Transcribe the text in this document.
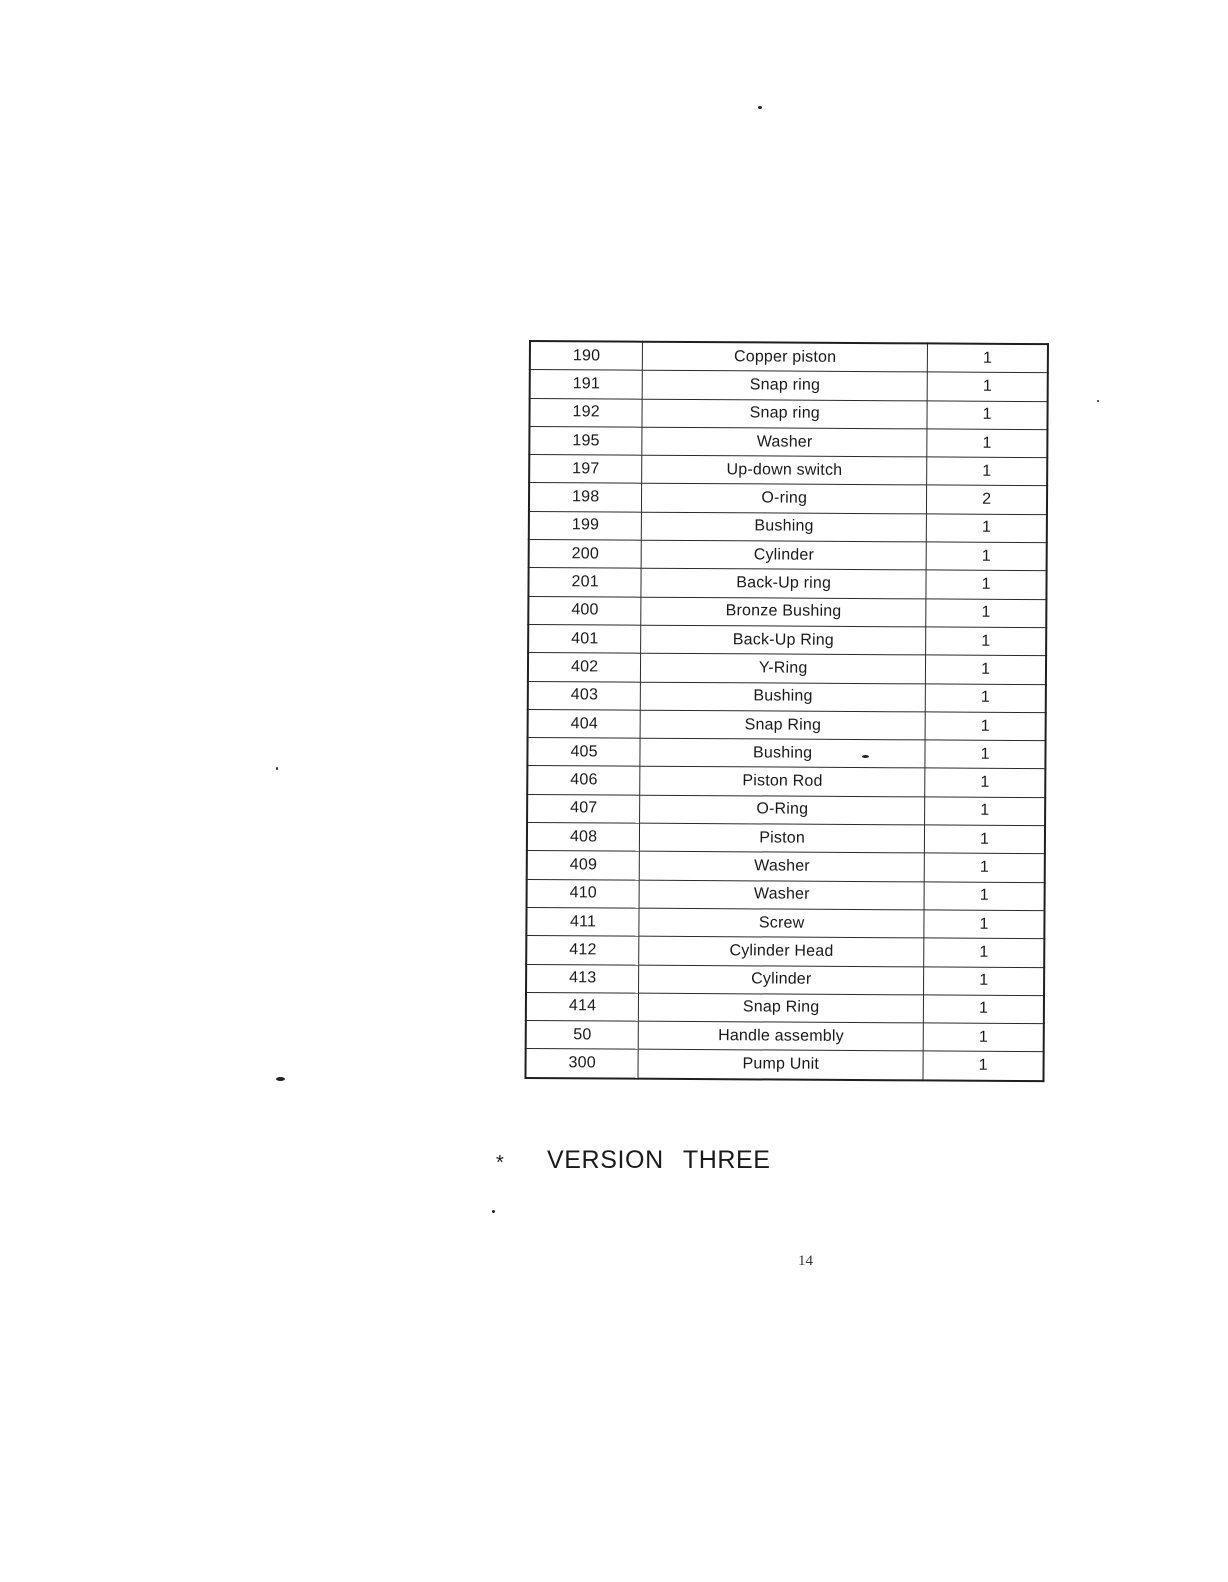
190	Copper piston	1
191	Snap ring	1
192	Snap ring	1
195	Washer	1
197	Up-down switch	1
198	O-ring	2
199	Bushing	1
200	Cylinder	1
201	Back-Up ring	1
400	Bronze Bushing	1
401	Back-Up Ring	1
402	Y-Ring	1
403	Bushing	1
404	Snap Ring	1
405	Bushing	1
406	Piston Rod	1
407	O-Ring	1
408	Piston	1
409	Washer	1
410	Washer	1
411	Screw	1
412	Cylinder Head	1
413	Cylinder	1
414	Snap Ring	1
50	Handle assembly	1
300	Pump Unit	1
* VERSION THREE
14
